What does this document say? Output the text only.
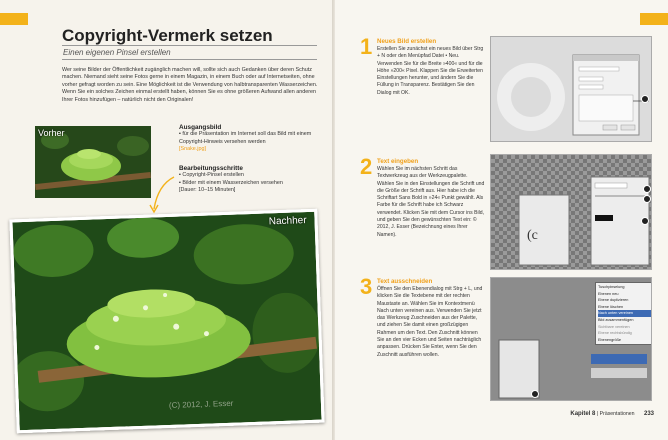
Copyright-Vermerk setzen
Einen eigenen Pinsel erstellen

Wer seine Bilder der Öffentlichkeit zugänglich machen will, sollte sich auch Gedanken über deren Schutz machen. Niemand sieht seine Fotos gerne in einem Magazin, in einem Buch oder auf Internetseiten, ohne vorher gefragt worden zu sein. Eine Möglichkeit ist die Verwendung von halbtransparenten Wasserzeichen. Wenn Sie ein solches Zeichen einmal erstellt haben, können Sie es ohne größeren Aufwand allen anderen Ihrer Fotos hinzufügen – natürlich nicht den Originalen!

Vorher
Ausgangsbild
▪ für die Präsentation im Internet soll das Bild mit einem Copyright-Hinweis versehen werden
[Snake.jpg]
Bearbeitungsschritte
▪ Copyright-Pinsel erstellen
▪ Bilder mit einem Wasserzeichen versehen
[Dauer: 10–15 Minuten]
Nachher
(C) 2012, J. Esser
1 Neues Bild erstellen

Erstellen Sie zunächst ein neues Bild über Strg + N oder den Menüpfad Datei • Neu. Verwenden Sie für die Breite »400« und für die Höhe »200« Pixel. Klappen Sie die Erweiterten Einstellungen herunter, und ändern Sie die Füllung in Transparenz. Bestätigen Sie den Dialog mit OK.

2 Text eingeben

Wählen Sie im nächsten Schritt das Textwerkzeug aus der Werkzeugpalette. Wählen Sie in den Einstellungen die Schrift und die Größe der Schrift aus. Hier habe ich die Schriftart Sans Bold in »24« Punkt gewählt. Als Farbe für die Schrift habe ich Schwarz verwendet. Klicken Sie mit dem Cursor ins Bild, und geben Sie den gewünschten Text ein: © 2012, J. Esser (Bezeichnung eines Ihrer Namen).

3 Text ausschneiden

Öffnen Sie den Ebenendialog mit Strg + L, und klicken Sie die Textebene mit der rechten Maustaste an. Wählen Sie im Kontextmenü Nach unten vereinen aus. Verwenden Sie jetzt das Werkzeug Zuschneiden aus der Palette, und ziehen Sie damit einen großzügigen Rahmen um den Text. Den Zuschnitt können Sie an den vier Ecken und Seiten nachträglich anpassen. Drücken Sie Enter, wenn Sie den Zuschnitt ausführen wollen.

(c
Tuschpinselung
Ebenen neu
Ebene duplizieren
Ebene löschen
Nach unten vereinen
Bild zusammenfügen
Sichtbare vereinen
Ebene rechtsbündig
Ebenengröße
Kapitel 8 | Präsentationen 233
